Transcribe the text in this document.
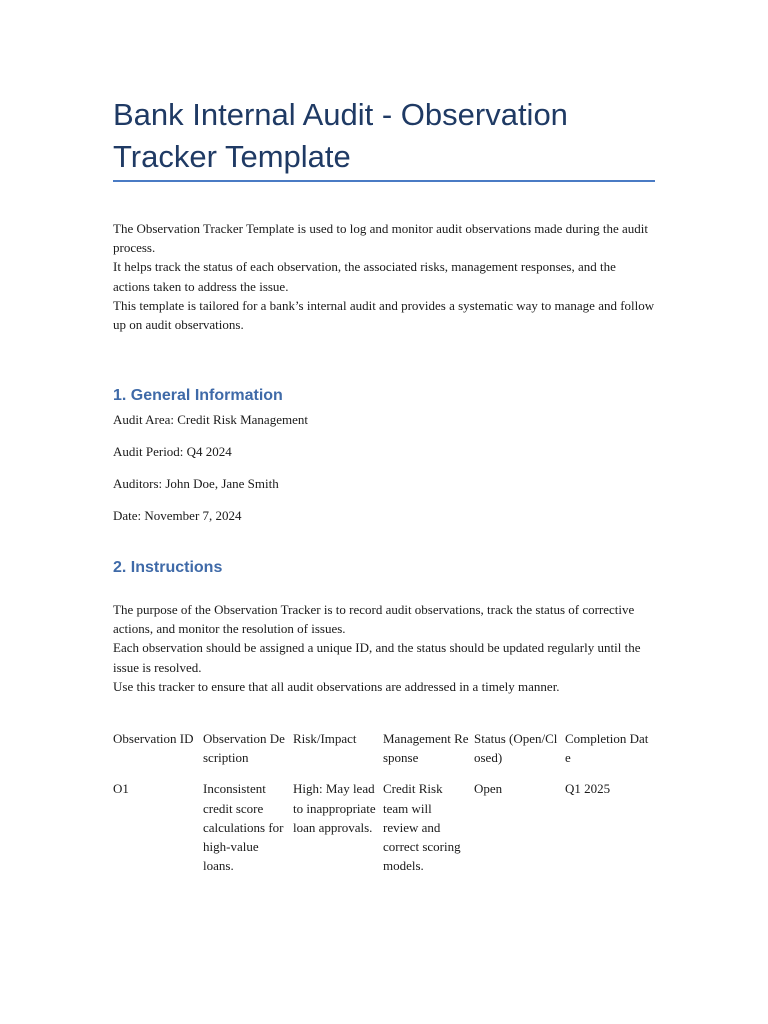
Bank Internal Audit - Observation Tracker Template

The Observation Tracker Template is used to log and monitor audit observations made during the audit process.
It helps track the status of each observation, the associated risks, management responses, and the actions taken to address the issue.
This template is tailored for a bank’s internal audit and provides a systematic way to manage and follow up on audit observations.

1. General Information

Audit Area: Credit Risk Management

Audit Period: Q4 2024

Auditors: John Doe, Jane Smith

Date: November 7, 2024

2. Instructions

The purpose of the Observation Tracker is to record audit observations, track the status of corrective actions, and monitor the resolution of issues.
Each observation should be assigned a unique ID, and the status should be updated regularly until the issue is resolved.
Use this tracker to ensure that all audit observations are addressed in a timely manner.

Observation ID	Observation Description	Risk/Impact	Management Response	Status (Open/Closed)	Completion Date
O1	Inconsistent credit score calculations for high-value loans.	High: May lead to inappropriate loan approvals.	Credit Risk team will review and correct scoring models.	Open	Q1 2025
